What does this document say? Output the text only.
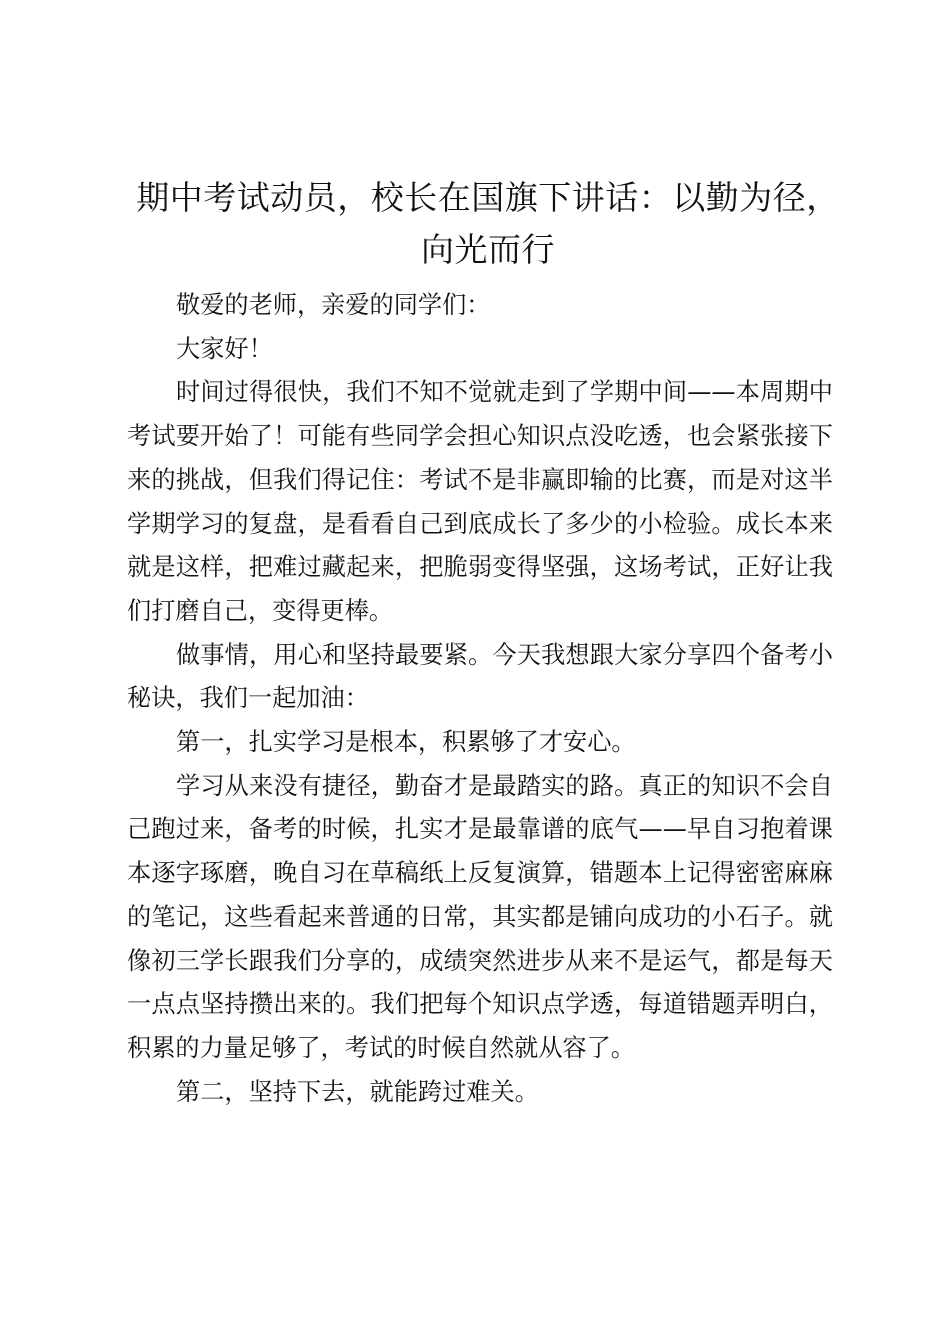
期中考试动员，校长在国旗下讲话：以勤为径，向光而行

敬爱的老师，亲爱的同学们：

大家好！

时间过得很快，我们不知不觉就走到了学期中间——本周期中考试要开始了！可能有些同学会担心知识点没吃透，也会紧张接下来的挑战，但我们得记住：考试不是非赢即输的比赛，而是对这半学期学习的复盘，是看看自己到底成长了多少的小检验。成长本来就是这样，把难过藏起来，把脆弱变得坚强，这场考试，正好让我们打磨自己，变得更棒。

做事情，用心和坚持最要紧。今天我想跟大家分享四个备考小秘诀，我们一起加油：

第一，扎实学习是根本，积累够了才安心。

学习从来没有捷径，勤奋才是最踏实的路。真正的知识不会自己跑过来，备考的时候，扎实才是最靠谱的底气——早自习抱着课本逐字琢磨，晚自习在草稿纸上反复演算，错题本上记得密密麻麻的笔记，这些看起来普通的日常，其实都是铺向成功的小石子。就像初三学长跟我们分享的，成绩突然进步从来不是运气，都是每天一点点坚持攒出来的。我们把每个知识点学透，每道错题弄明白，积累的力量足够了，考试的时候自然就从容了。

第二，坚持下去，就能跨过难关。
